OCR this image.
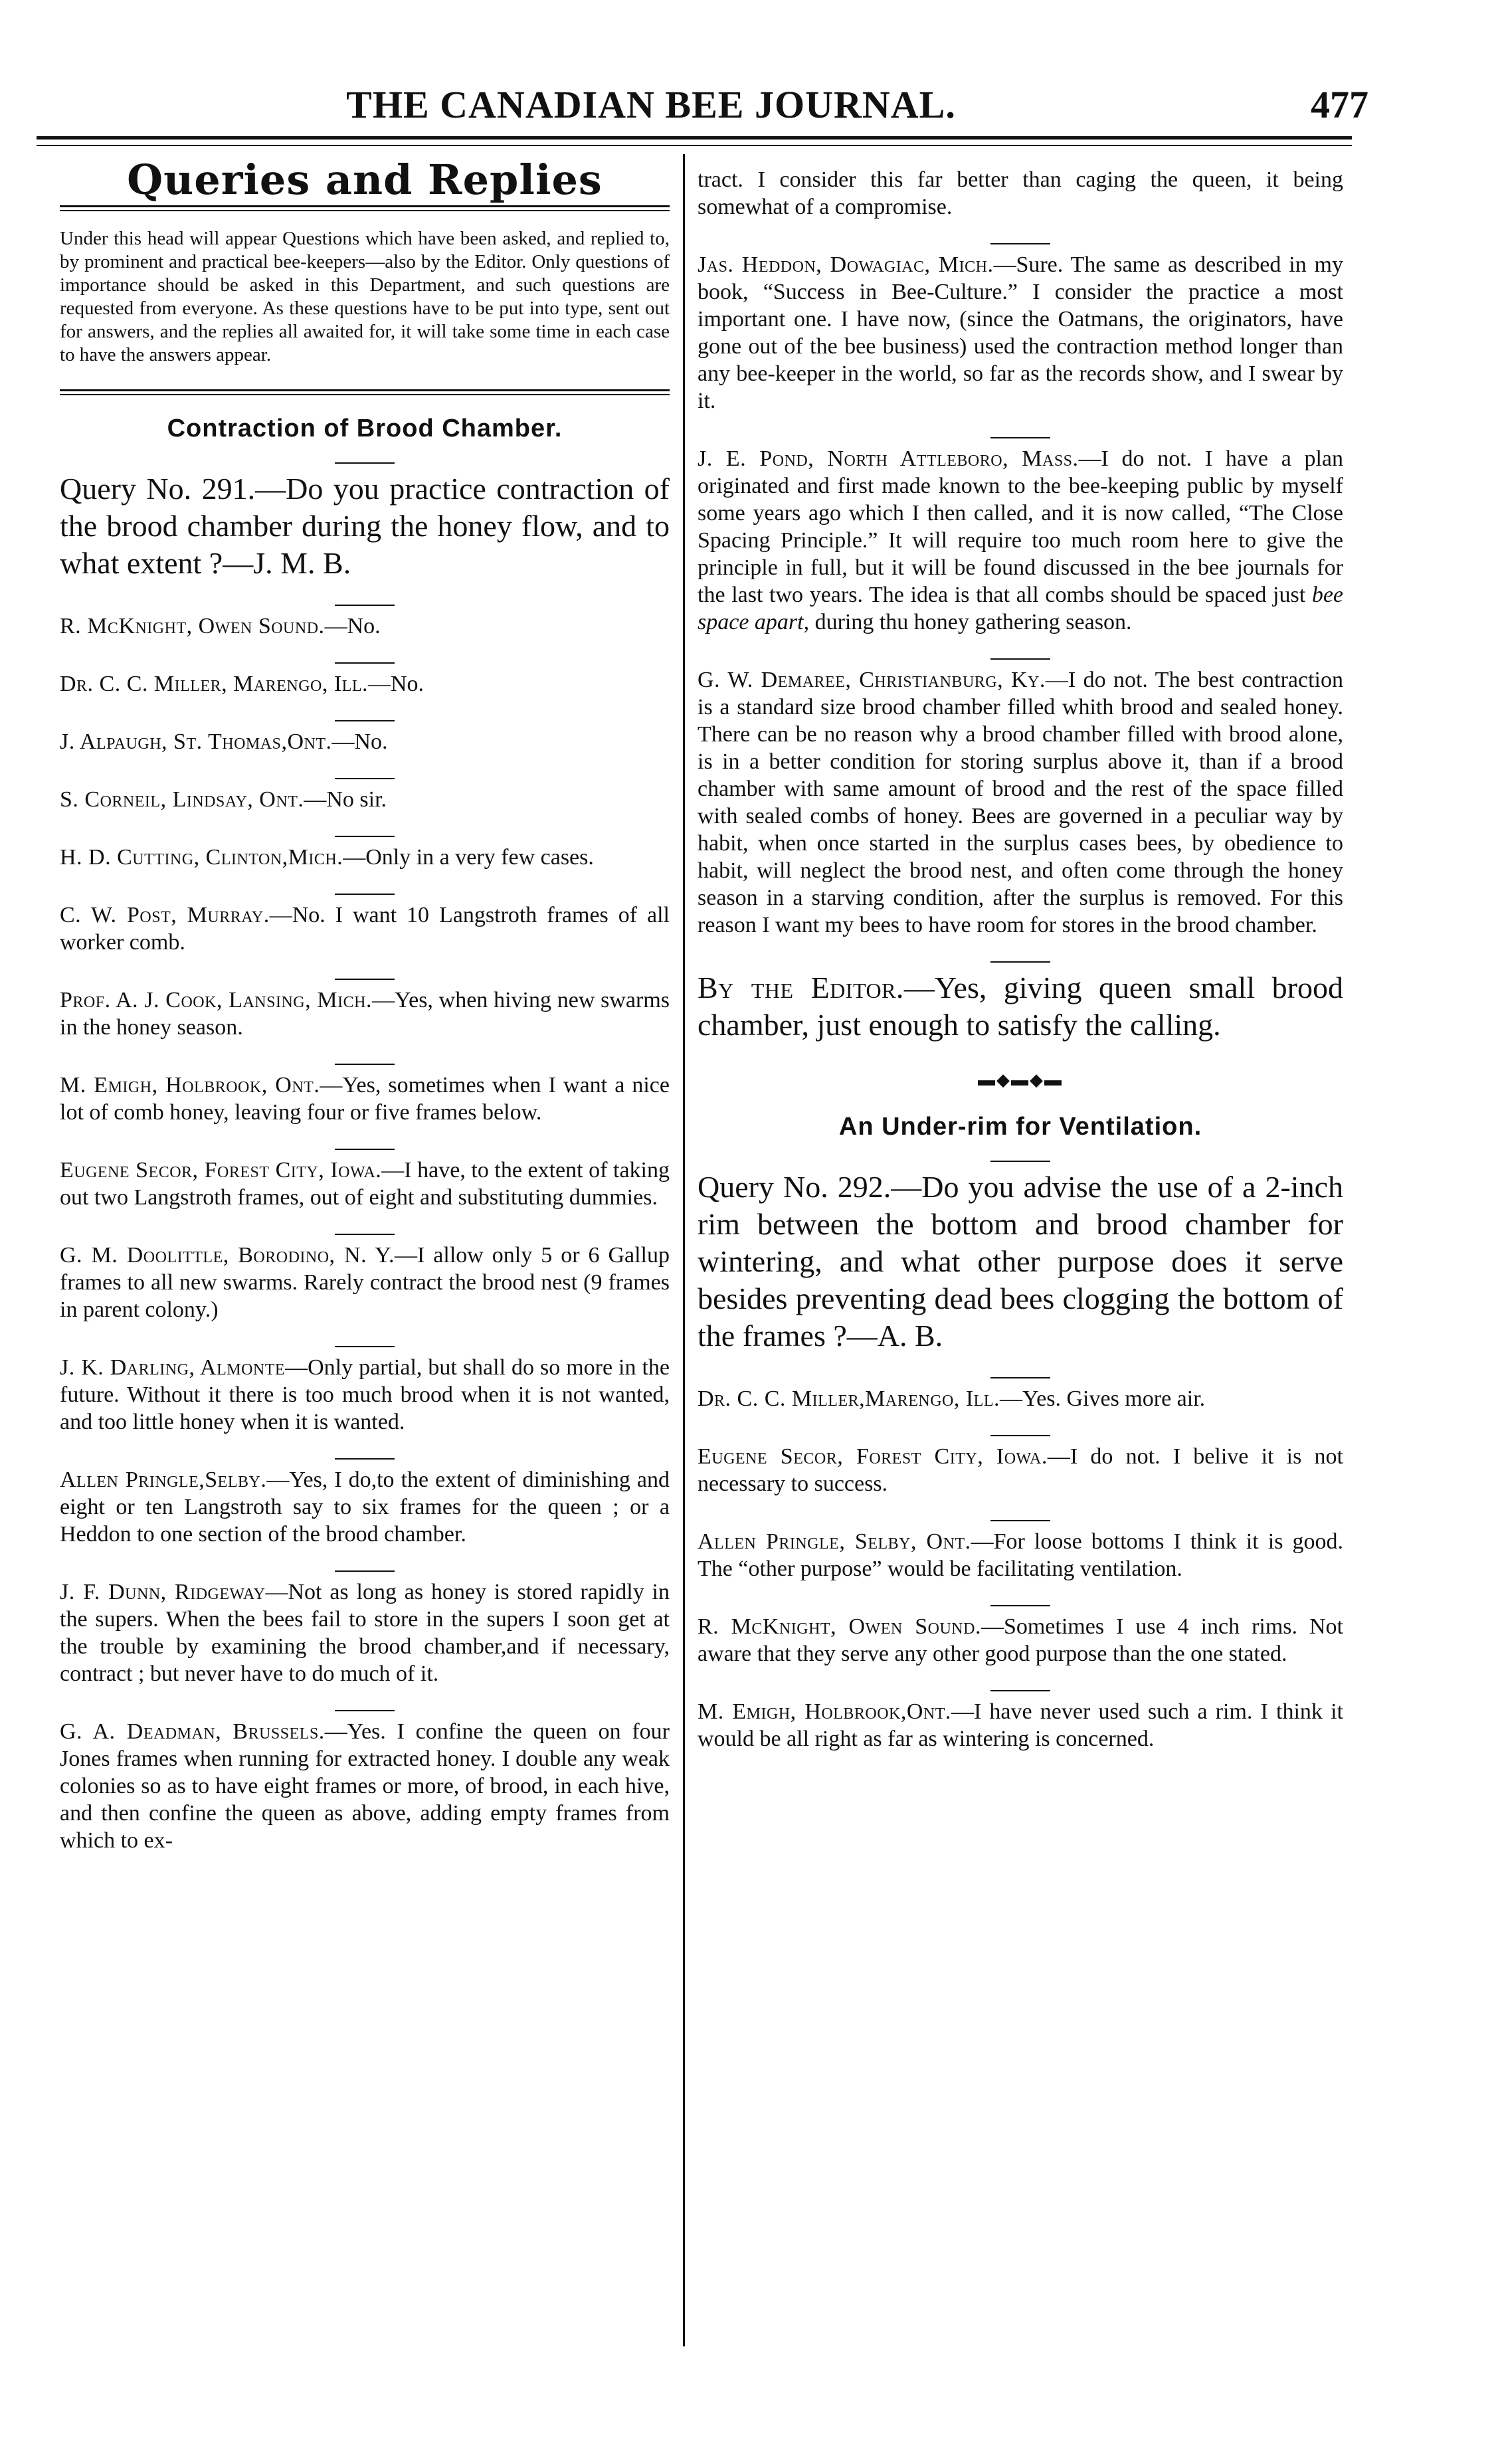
THE CANADIAN BEE JOURNAL.	477
Queries and Replies

Under this head will appear Questions which have been asked, and replied to, by prominent and practical bee-keepers—also by the Editor. Only questions of importance should be asked in this Department, and such questions are requested from everyone. As these questions have to be put into type, sent out for answers, and the replies all awaited for, it will take some time in each case to have the answers appear.

Contraction of Brood Chamber.

Query No. 291.—Do you practice contraction of the brood chamber during the honey flow, and to what extent ?—J. M. B.

R. McKnight, Owen Sound.—No.

Dr. C. C. Miller, Marengo, Ill.—No.

J. Alpaugh, St. Thomas,Ont.—No.

S. Corneil, Lindsay, Ont.—No sir.

H. D. Cutting, Clinton,Mich.—Only in a very few cases.

C. W. Post, Murray.—No. I want 10 Langstroth frames of all worker comb.

Prof. A. J. Cook, Lansing, Mich.—Yes, when hiving new swarms in the honey season.

M. Emigh, Holbrook, Ont.—Yes, sometimes when I want a nice lot of comb honey, leaving four or five frames below.

Eugene Secor, Forest City, Iowa.—I have, to the extent of taking out two Langstroth frames, out of eight and substituting dummies.

G. M. Doolittle, Borodino, N. Y.—I allow only 5 or 6 Gallup frames to all new swarms. Rarely contract the brood nest (9 frames in parent colony.)

J. K. Darling, Almonte—Only partial, but shall do so more in the future. Without it there is too much brood when it is not wanted, and too little honey when it is wanted.

Allen Pringle,Selby.—Yes, I do,to the extent of diminishing and eight or ten Langstroth say to six frames for the queen ; or a Heddon to one section of the brood chamber.

J. F. Dunn, Ridgeway—Not as long as honey is stored rapidly in the supers. When the bees fail to store in the supers I soon get at the trouble by examining the brood chamber,and if necessary, contract ; but never have to do much of it.

G. A. Deadman, Brussels.—Yes. I confine the queen on four Jones frames when running for extracted honey. I double any weak colonies so as to have eight frames or more, of brood, in each hive, and then confine the queen as above, adding empty frames from which to ex-

tract. I consider this far better than caging the queen, it being somewhat of a compromise.

Jas. Heddon, Dowagiac, Mich.—Sure. The same as described in my book, “Success in Bee-Culture.” I consider the practice a most important one. I have now, (since the Oatmans, the originators, have gone out of the bee business) used the contraction method longer than any bee-keeper in the world, so far as the records show, and I swear by it.

J. E. Pond, North Attleboro, Mass.—I do not. I have a plan originated and first made known to the bee-keeping public by myself some years ago which I then called, and it is now called, “The Close Spacing Principle.” It will require too much room here to give the principle in full, but it will be found discussed in the bee journals for the last two years. The idea is that all combs should be spaced just bee space apart, during thu honey gathering season.

G. W. Demaree, Christianburg, Ky.—I do not. The best contraction is a standard size brood chamber filled whith brood and sealed honey. There can be no reason why a brood chamber filled with brood alone, is in a better condition for storing surplus above it, than if a brood chamber with same amount of brood and the rest of the space filled with sealed combs of honey. Bees are governed in a peculiar way by habit, when once started in the surplus cases bees, by obedience to habit, will neglect the brood nest, and often come through the honey season in a starving condition, after the surplus is removed. For this reason I want my bees to have room for stores in the brood chamber.

By the Editor.—Yes, giving queen small brood chamber, just enough to satisfy the calling.

▬◆▬◆▬
An Under-rim for Ventilation.

Query No. 292.—Do you advise the use of a 2-inch rim between the bottom and brood chamber for wintering, and what other purpose does it serve besides preventing dead bees clogging the bottom of the frames ?—A. B.

Dr. C. C. Miller,Marengo, Ill.—Yes. Gives more air.

Eugene Secor, Forest City, Iowa.—I do not. I belive it is not necessary to success.

Allen Pringle, Selby, Ont.—For loose bottoms I think it is good. The “other purpose” would be facilitating ventilation.

R. McKnight, Owen Sound.—Sometimes I use 4 inch rims. Not aware that they serve any other good purpose than the one stated.

M. Emigh, Holbrook,Ont.—I have never used such a rim. I think it would be all right as far as wintering is concerned.
